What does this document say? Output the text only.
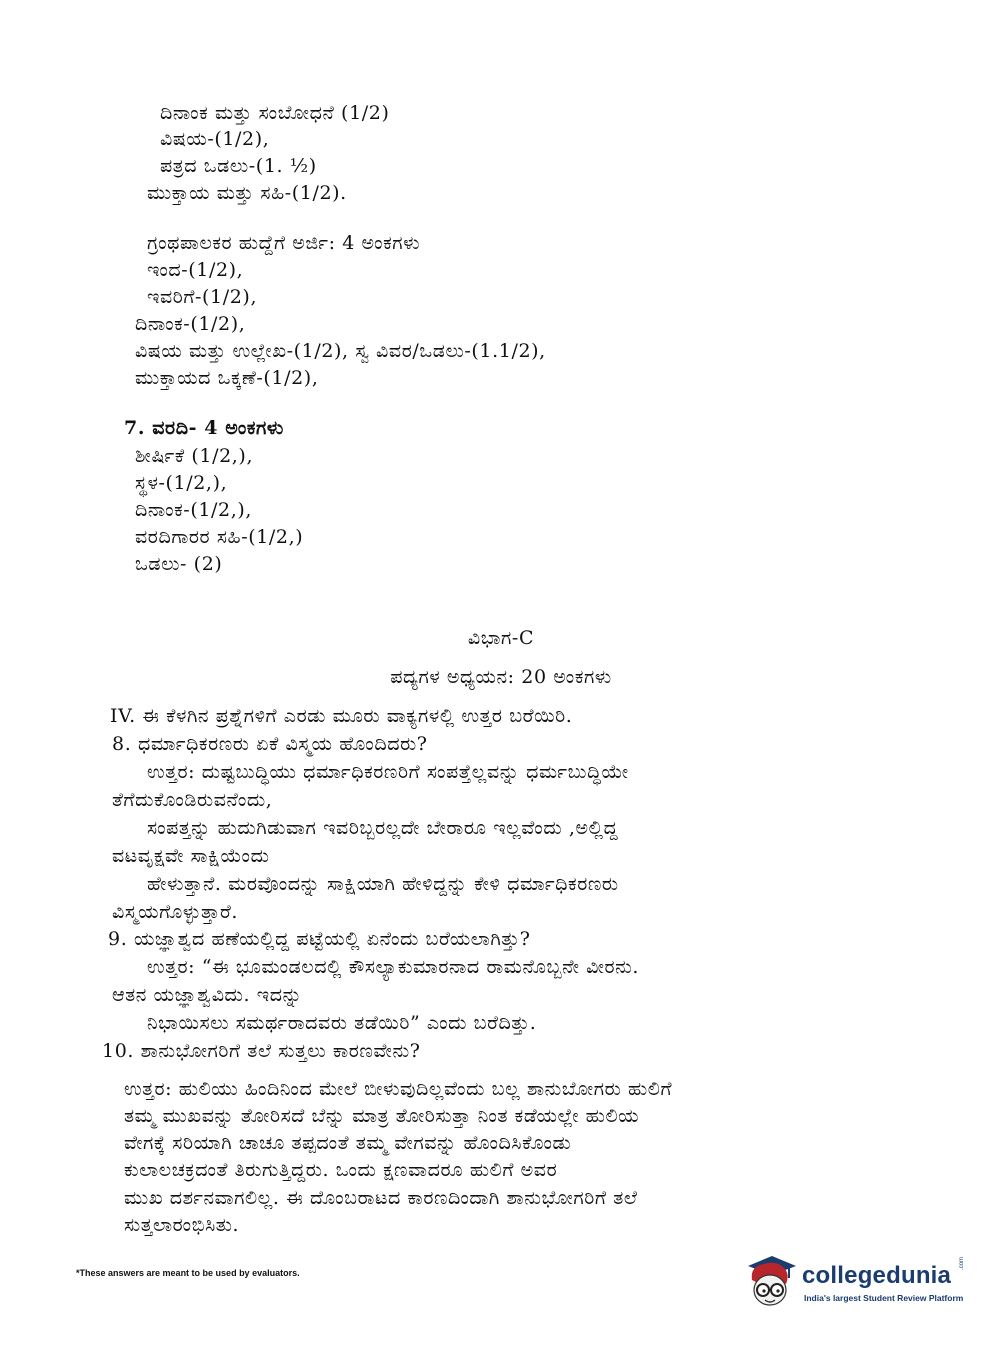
ದಿನಾಂಕ ಮತ್ತು ಸಂಬೋಧನೆ (1/2)
ವಿಷಯ-(1/2),
ಪತ್ರದ ಒಡಲು-(1. ½)
ಮುಕ್ತಾಯ ಮತ್ತು ಸಹಿ-(1/2).
ಗ್ರಂಥಪಾಲಕರ ಹುದ್ದೆಗೆ ಅರ್ಜಿ: 4 ಅಂಕಗಳು
ಇಂದ-(1/2),
ಇವರಿಗೆ-(1/2),
ದಿನಾಂಕ-(1/2),
ವಿಷಯ ಮತ್ತು ಉಲ್ಲೇಖ-(1/2), ಸ್ವ ವಿವರ/ಒಡಲು-(1.1/2),
ಮುಕ್ತಾಯದ ಒಕ್ಕಣೆ-(1/2),
7. ವರದಿ- 4 ಅಂಕಗಳು
ಶೀರ್ಷಿಕೆ (1/2,),
ಸ್ಥಳ-(1/2,),
ದಿನಾಂಕ-(1/2,),
ವರದಿಗಾರರ ಸಹಿ-(1/2,)
ಒಡಲು- (2)
ವಿಭಾಗ-C
ಪದ್ಯಗಳ ಅಧ್ಯಯನ: 20 ಅಂಕಗಳು
IV. ಈ ಕೆಳಗಿನ ಪ್ರಶ್ನೆಗಳಿಗೆ ಎರಡು ಮೂರು ವಾಕ್ಯಗಳಲ್ಲಿ ಉತ್ತರ ಬರೆಯಿರಿ.
8. ಧರ್ಮಾಧಿಕರಣರು ಏಕೆ ವಿಸ್ಮಯ ಹೊಂದಿದರು?
ಉತ್ತರ: ದುಷ್ಟಬುದ್ಧಿಯು ಧರ್ಮಾಧಿಕರಣರಿಗೆ ಸಂಪತ್ತೆಲ್ಲವನ್ನು ಧರ್ಮಬುದ್ಧಿಯೇ
ತೆಗೆದುಕೊಂಡಿರುವನೆಂದು,
ಸಂಪತ್ತನ್ನು ಹುದುಗಿಡುವಾಗ ಇವರಿಬ್ಬರಲ್ಲದೇ ಬೇರಾರೂ ಇಲ್ಲವೆಂದು ,ಅಲ್ಲಿದ್ದ
ವಟವೃಕ್ಷವೇ ಸಾಕ್ಷಿಯೆಂದು
ಹೇಳುತ್ತಾನೆ. ಮರವೊಂದನ್ನು ಸಾಕ್ಷಿಯಾಗಿ ಹೇಳಿದ್ದನ್ನು ಕೇಳಿ ಧರ್ಮಾಧಿಕರಣರು
ವಿಸ್ಮಯಗೊಳ್ಳುತ್ತಾರೆ.
9. ಯಜ್ಞಾಶ್ವದ ಹಣೆಯಲ್ಲಿದ್ದ ಪಟ್ಟೆಯಲ್ಲಿ ಏನೆಂದು ಬರೆಯಲಾಗಿತ್ತು?
ಉತ್ತರ: “ಈ ಭೂಮಂಡಲದಲ್ಲಿ ಕೌಸಲ್ಯಾಕುಮಾರನಾದ ರಾಮನೊಬ್ಬನೇ ವೀರನು.
ಆತನ ಯಜ್ಞಾಶ್ವವಿದು. ಇದನ್ನು
ನಿಭಾಯಿಸಲು ಸಮರ್ಥರಾದವರು ತಡೆಯಿರಿ” ಎಂದು ಬರೆದಿತ್ತು.
10. ಶಾನುಭೋಗರಿಗೆ ತಲೆ ಸುತ್ತಲು ಕಾರಣವೇನು?
ಉತ್ತರ: ಹುಲಿಯು ಹಿಂದಿನಿಂದ ಮೇಲೆ ಬೀಳುವುದಿಲ್ಲವೆಂದು ಬಲ್ಲ ಶಾನುಬೋಗರು ಹುಲಿಗೆ
ತಮ್ಮ ಮುಖವನ್ನು ತೋರಿಸದೆ ಬೆನ್ನು ಮಾತ್ರ ತೋರಿಸುತ್ತಾ ನಿಂತ ಕಡೆಯಲ್ಲೇ ಹುಲಿಯ
ವೇಗಕ್ಕೆ ಸರಿಯಾಗಿ ಚಾಚೂ ತಪ್ಪದಂತೆ ತಮ್ಮ ವೇಗವನ್ನು ಹೊಂದಿಸಿಕೊಂಡು
ಕುಲಾಲಚಕ್ರದಂತೆ ತಿರುಗುತ್ತಿದ್ದರು. ಒಂದು ಕ್ಷಣವಾದರೂ ಹುಲಿಗೆ ಅವರ
ಮುಖ ದರ್ಶನವಾಗಲಿಲ್ಲ. ಈ ದೊಂಬರಾಟದ ಕಾರಣದಿಂದಾಗಿ ಶಾನುಭೋಗರಿಗೆ ತಲೆ
ಸುತ್ತಲಾರಂಭಿಸಿತು.
*These answers are meant to be used by evaluators.	collegedunia .com
India's largest Student Review Platform
